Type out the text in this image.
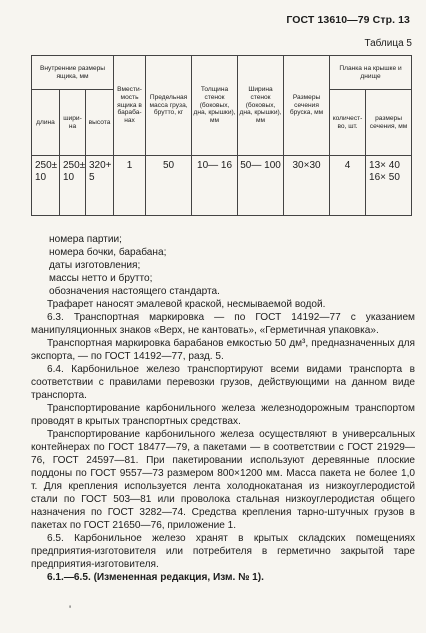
ГОСТ 13610—79 Стр. 13
Таблица 5
Внутренние размеры ящика, мм			Вместимость ящика в барабанах	Предельная масса груза, брутто, кг	Толщина стенок (боковых, дна, крышки), мм	Ширина стенок (боковых, дна, крышки), мм	Размеры сечения бруска, мм	Планка на крышке и днище	
длина	ширина	высота						количество, шт.	размеры сечения, мм
250± 10	250± 10	320+ 5	1	50	10— 16	50— 100	30×30	4	13× 40 16× 50

номера партии;

номера бочки, барабана;

даты изготовления;

массы нетто и брутто;

обозначения настоящего стандарта.

Трафарет наносят эмалевой краской, несмываемой водой.

6.3. Транспортная маркировка — по ГОСТ 14192—77 с указанием манипуляционных знаков «Верх, не кантовать», «Герметичная упаковка».

Транспортная маркировка барабанов емкостью 50 дм³, предназначенных для экспорта, — по ГОСТ 14192—77, разд. 5.

6.4. Карбонильное железо транспортируют всеми видами транспорта в соответствии с правилами перевозки грузов, действующими на данном виде транспорта.

Транспортирование карбонильного железа железнодорожным транспортом проводят в крытых транспортных средствах.

Транспортирование карбонильного железа осуществляют в универсальных контейнерах по ГОСТ 18477—79, а пакетами — в соответствии с ГОСТ 21929—76, ГОСТ 24597—81. При пакетировании используют деревянные плоские поддоны по ГОСТ 9557—73 размером 800×1200 мм. Масса пакета не более 1,0 т. Для крепления используется лента холоднокатаная из низкоуглеродистой стали по ГОСТ 503—81 или проволока стальная низкоуглеродистая общего назначения по ГОСТ 3282—74. Средства крепления тарно-штучных грузов в пакетах по ГОСТ 21650—76, приложение 1.

6.5. Карбонильное железо хранят в крытых складских помещениях предприятия-изготовителя или потребителя в герметично закрытой таре предприятия-изготовителя.

6.1.—6.5. (Измененная редакция, Изм. № 1).

'
